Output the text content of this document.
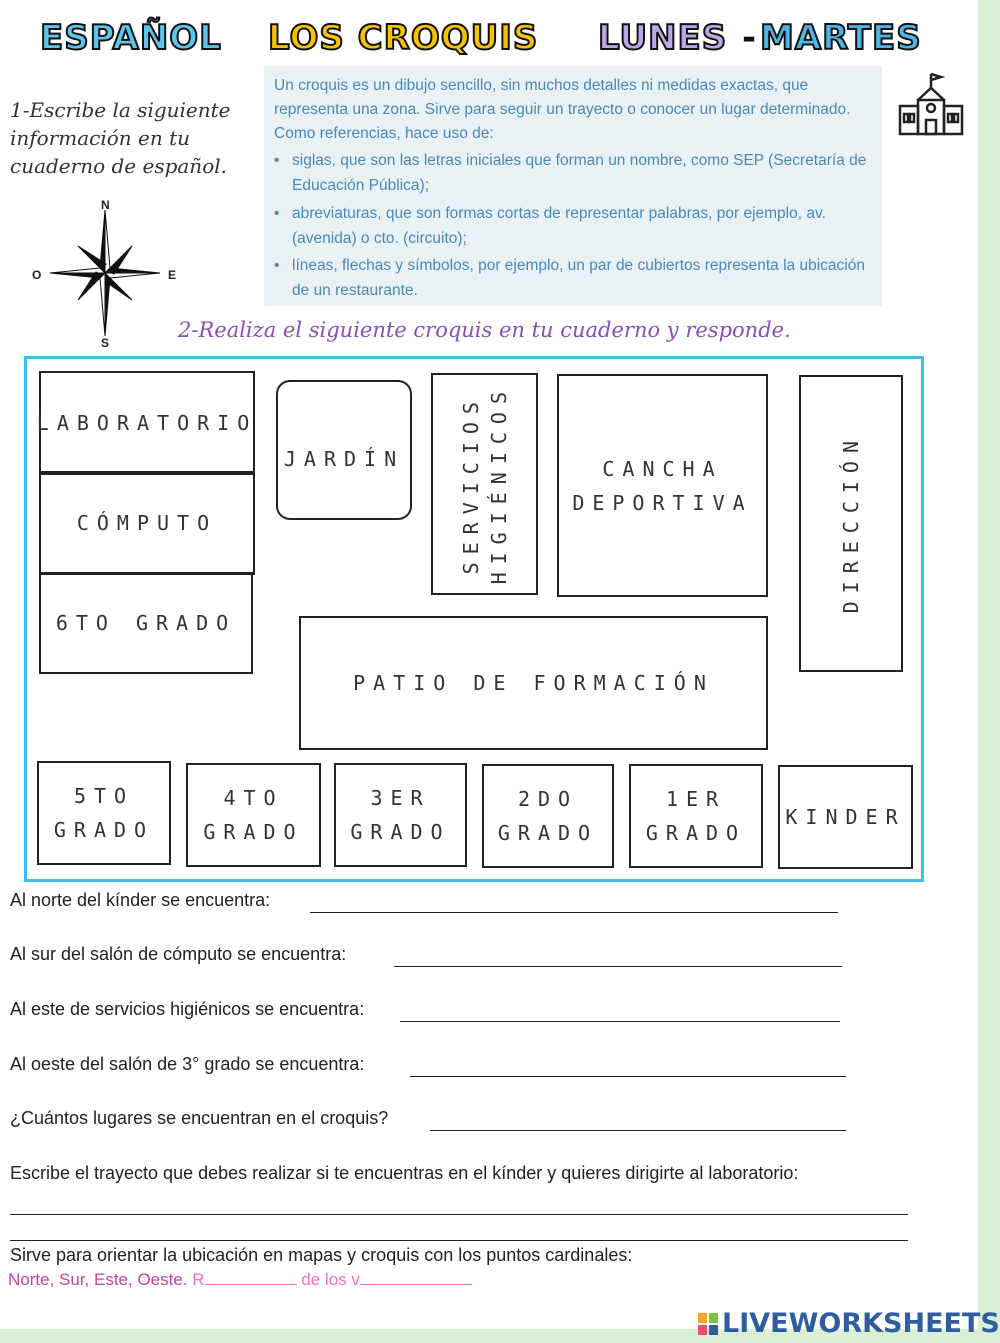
ESPAÑOL LOS CROQUIS LUNES - MARTES
1-Escribe la siguiente información en tu cuaderno de español.
Un croquis es un dibujo sencillo, sin muchos detalles ni medidas exactas, que representa una zona. Sirve para seguir un trayecto o conocer un lugar determinado. Como referencias, hace uso de:
• siglas, que son las letras iniciales que forman un nombre, como SEP (Secretaría de Educación Pública);
• abreviaturas, que son formas cortas de representar palabras, por ejemplo, av. (avenida) o cto. (circuito);
• líneas, flechas y símbolos, por ejemplo, un par de cubiertos representa la ubicación de un restaurante.
N
S
E
O
2-Realiza el siguiente croquis en tu cuaderno y responde.
LABORATORIO
CÓMPUTO
6TO GRADO
JARDÍN	SERVICIOS HIGIÉNICOS	CANCHA
DEPORTIVA	DIRECCIÓN
PATIO DE FORMACIÓN
5TO
GRADO
4TO
GRADO
3ER
GRADO
2DO
GRADO
1ER
GRADO
KINDER
Al norte del kínder se encuentra:
Al sur del salón de cómputo se encuentra:
Al este de servicios higiénicos se encuentra:
Al oeste del salón de 3° grado se encuentra:
¿Cuántos lugares se encuentran en el croquis?
Escribe el trayecto que debes realizar si te encuentras en el kínder y quieres dirigirte al laboratorio:
Sirve para orientar la ubicación en mapas y croquis con los puntos cardinales:
Norte, Sur, Este, Oeste. R	de los v
LIVEWORKSHEETS
